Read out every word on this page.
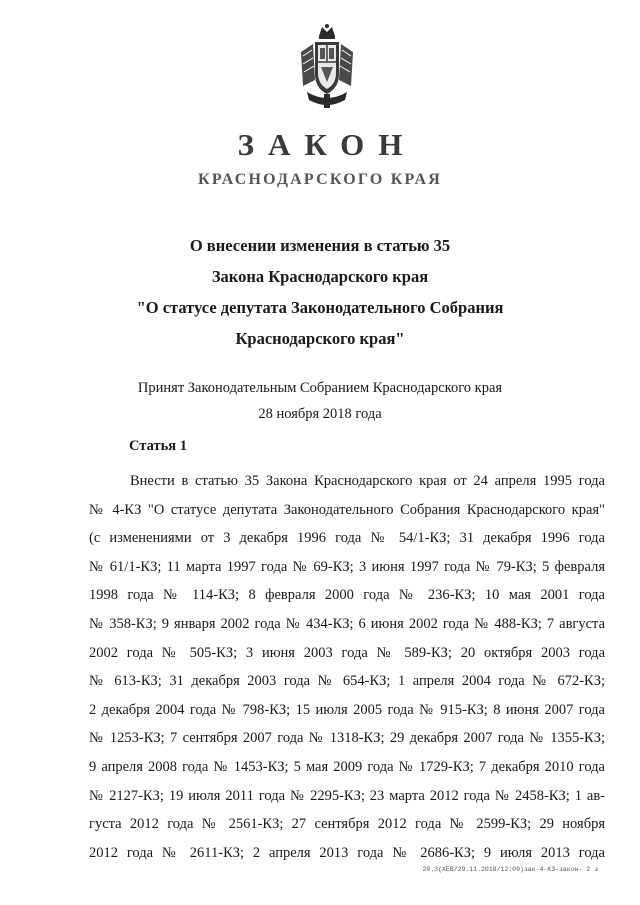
ЗАКОН
КРАСНОДАРСКОГО КРАЯ
О внесении изменения в статью 35
Закона Краснодарского края
"О статусе депутата Законодательного Собрания
Краснодарского края"
Принят Законодательным Собранием Краснодарского края
28 ноября 2018 года
Статья 1
Внести в статью 35 Закона Краснодарского края от 24 апреля 1995 года
№ 4-КЗ "О статусе депутата Законодательного Собрания Краснодарского края"
(с изменениями от 3 декабря 1996 года № 54/1-КЗ; 31 декабря 1996 года
№ 61/1-КЗ; 11 марта 1997 года № 69-КЗ; 3 июня 1997 года № 79-КЗ; 5 февраля
1998 года № 114-КЗ; 8 февраля 2000 года № 236-КЗ; 10 мая 2001 года
№ 358-КЗ; 9 января 2002 года № 434-КЗ; 6 июня 2002 года № 488-КЗ; 7 августа
2002 года № 505-КЗ; 3 июня 2003 года № 589-КЗ; 20 октября 2003 года
№ 613-КЗ; 31 декабря 2003 года № 654-КЗ; 1 апреля 2004 года № 672-КЗ;
2 декабря 2004 года № 798-КЗ; 15 июля 2005 года № 915-КЗ; 8 июня 2007 года
№ 1253-КЗ; 7 сентября 2007 года № 1318-КЗ; 29 декабря 2007 года № 1355-КЗ;
9 апреля 2008 года № 1453-КЗ; 5 мая 2009 года № 1729-КЗ; 7 декабря 2010 года
№ 2127-КЗ; 19 июля 2011 года № 2295-КЗ; 23 марта 2012 года № 2458-КЗ; 1 ав-
густа 2012 года № 2561-КЗ; 27 сентября 2012 года № 2599-КЗ; 29 ноября
2012 года № 2611-КЗ; 2 апреля 2013 года № 2686-КЗ; 9 июля 2013 года
20.3(XEB/29.11.2018/12:09)зак-4-КЗ-закон- 2 з
